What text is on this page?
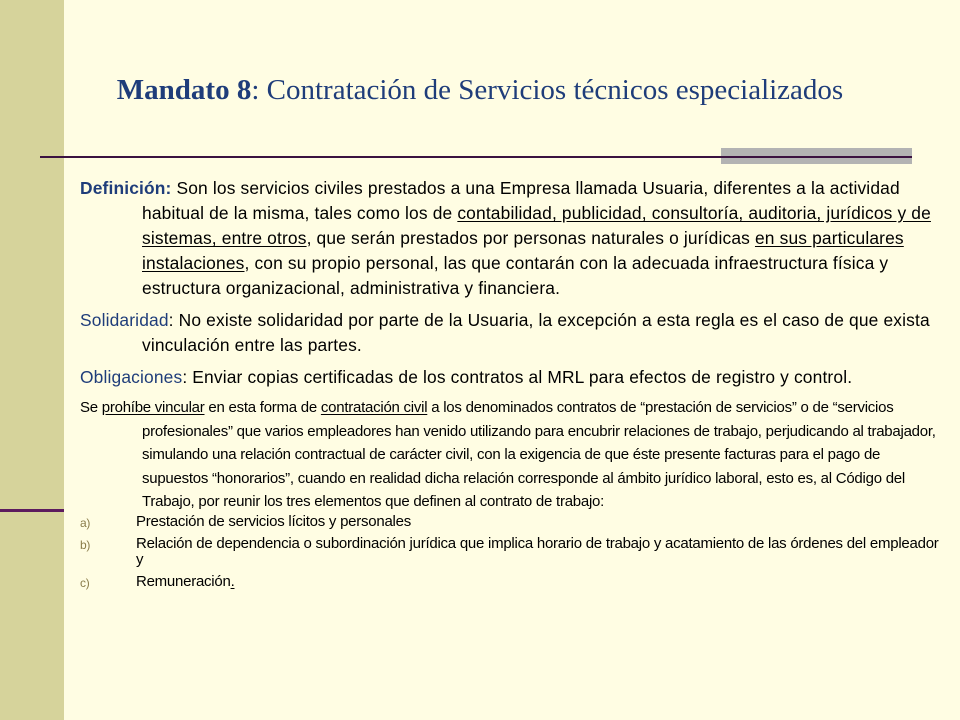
Mandato 8: Contratación de Servicios técnicos especializados
Definición: Son los servicios civiles prestados a una Empresa llamada Usuaria, diferentes a la actividad habitual de la misma, tales como los de contabilidad, publicidad, consultoría, auditoria, jurídicos y de sistemas, entre otros, que serán prestados por personas naturales o jurídicas en sus particulares instalaciones, con su propio personal, las que contarán con la adecuada infraestructura física y estructura organizacional, administrativa y financiera.
Solidaridad: No existe solidaridad por parte de la Usuaria, la excepción a esta regla es el caso de que exista vinculación entre las partes.
Obligaciones: Enviar copias certificadas de los contratos al MRL para efectos de registro y control.
Se prohíbe vincular en esta forma de contratación civil a los denominados contratos de “prestación de servicios” o de “servicios profesionales” que varios empleadores han venido utilizando para encubrir relaciones de trabajo, perjudicando al trabajador, simulando una relación contractual de carácter civil, con la exigencia de que éste presente facturas para el pago de supuestos “honorarios”, cuando en realidad dicha relación corresponde al ámbito jurídico laboral, esto es, al Código del Trabajo, por reunir los tres elementos que definen al contrato de trabajo:
a)	Prestación de servicios lícitos y personales
b)	Relación de dependencia o subordinación jurídica que implica horario de trabajo y acatamiento de las órdenes del empleador y
c)	Remuneración.
